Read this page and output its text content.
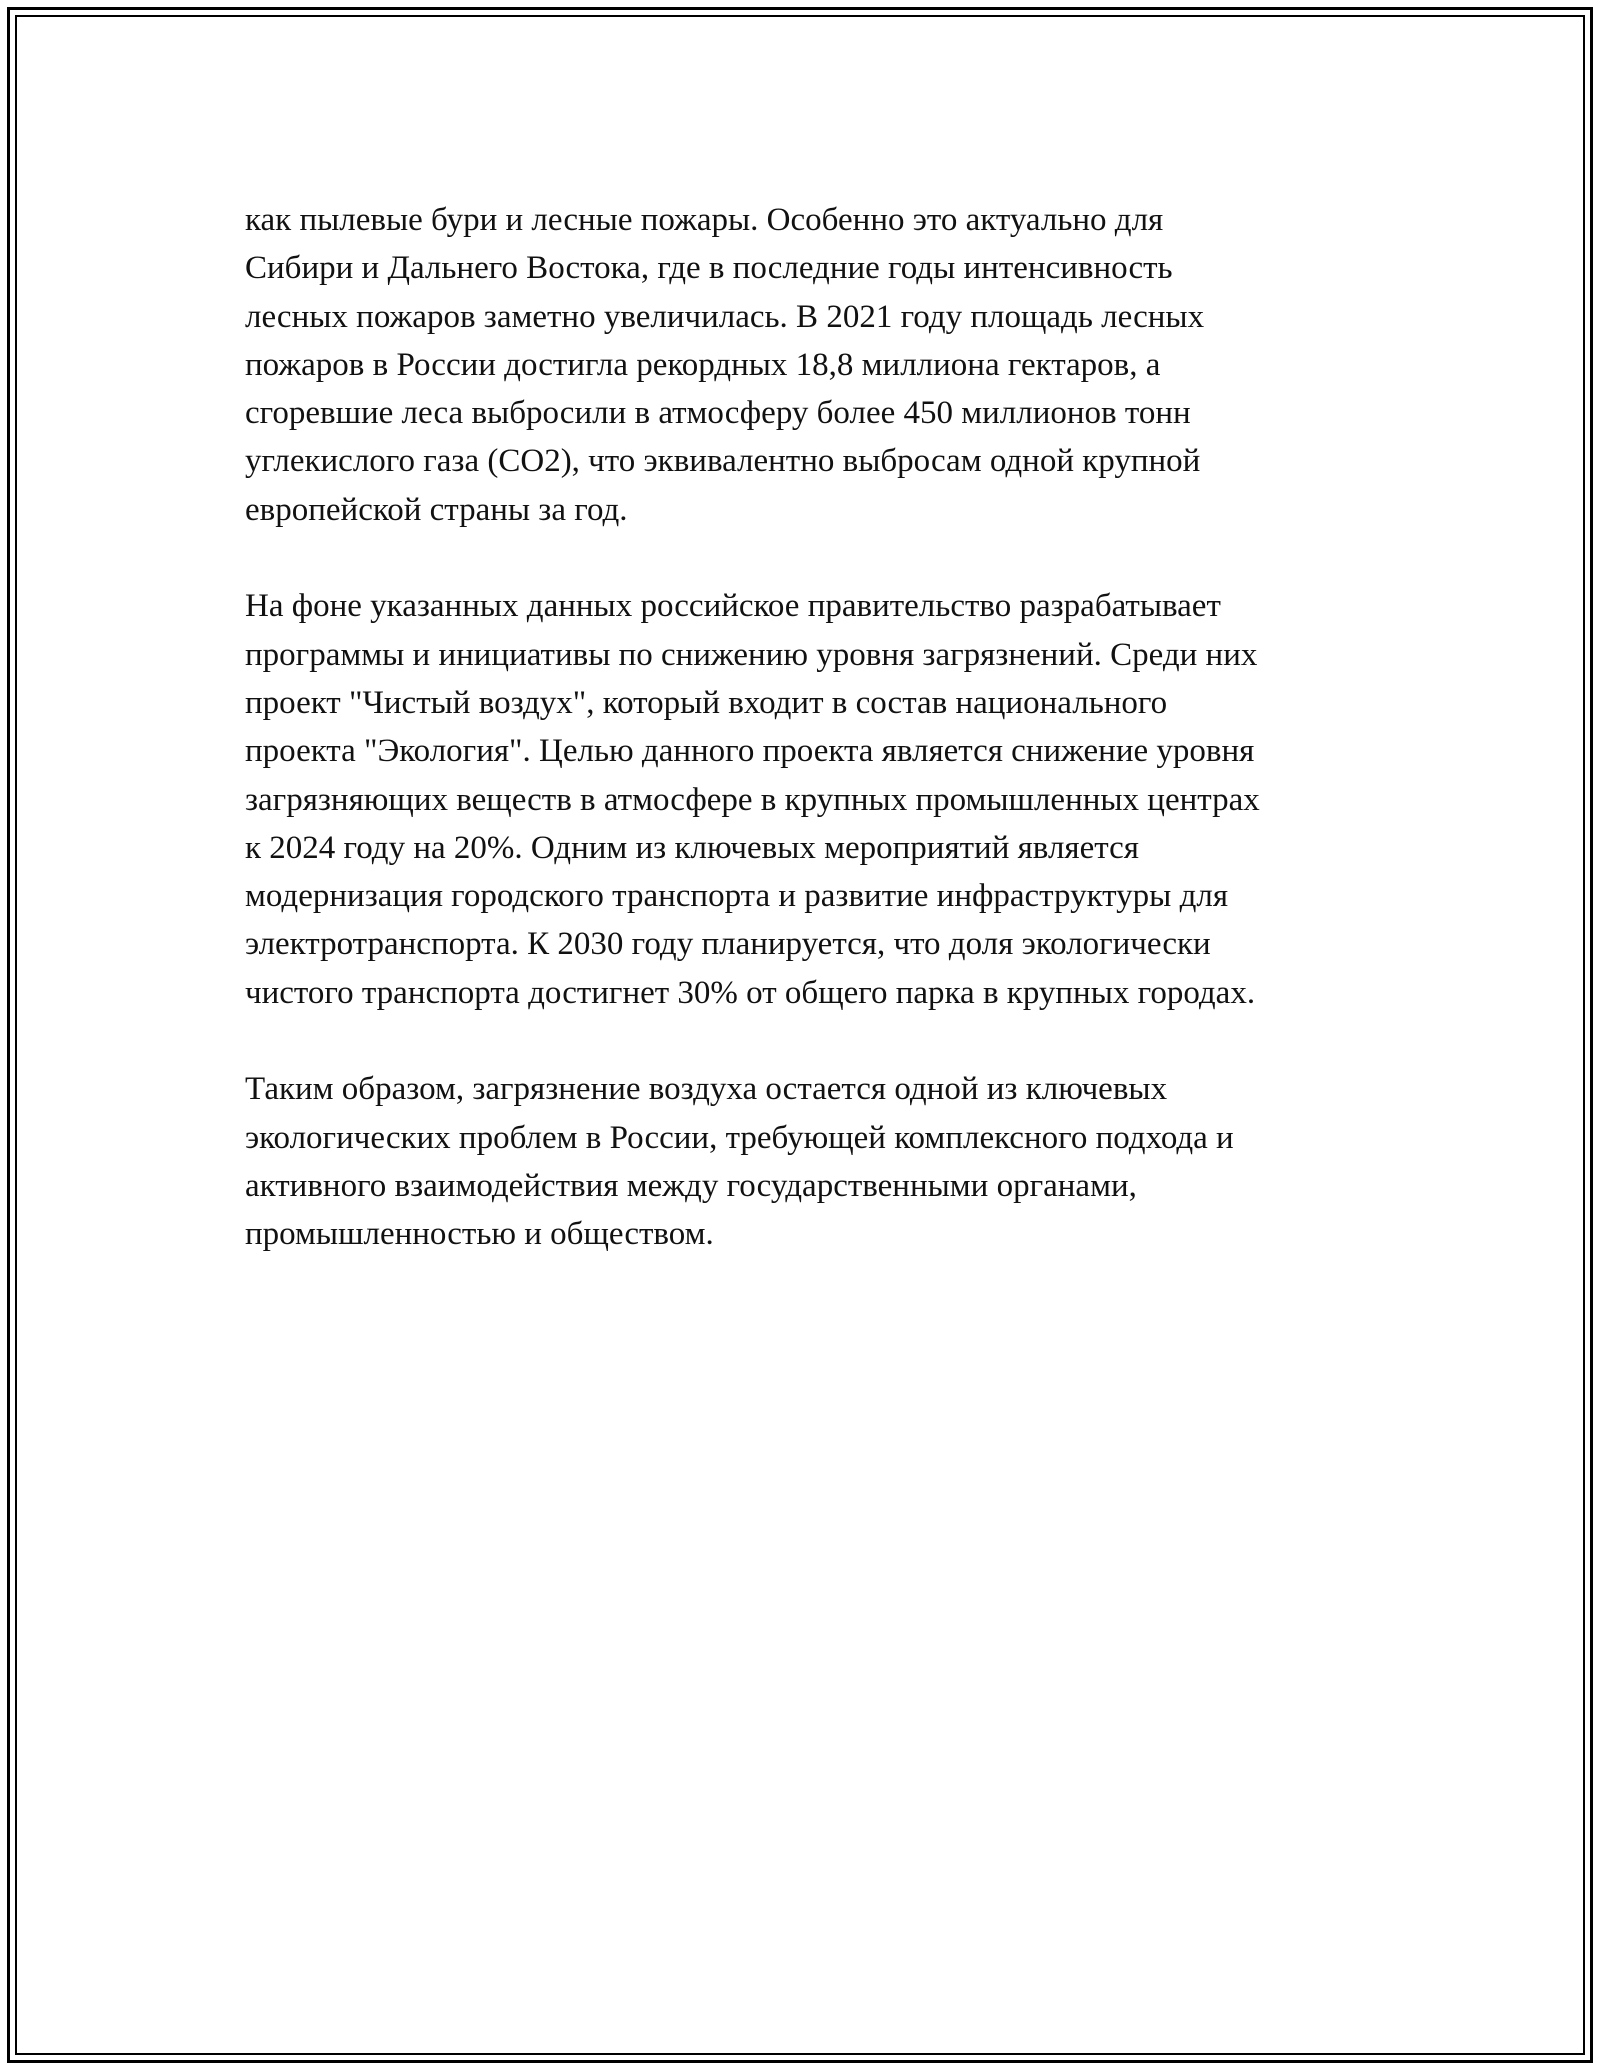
как пылевые бури и лесные пожары. Особенно это актуально для
Сибири и Дальнего Востока, где в последние годы интенсивность
лесных пожаров заметно увеличилась. В 2021 году площадь лесных
пожаров в России достигла рекордных 18,8 миллиона гектаров, а
сгоревшие леса выбросили в атмосферу более 450 миллионов тонн
углекислого газа (CO2), что эквивалентно выбросам одной крупной
европейской страны за год.

На фоне указанных данных российское правительство разрабатывает
программы и инициативы по снижению уровня загрязнений. Среди них
проект "Чистый воздух", который входит в состав национального
проекта "Экология". Целью данного проекта является снижение уровня
загрязняющих веществ в атмосфере в крупных промышленных центрах
к 2024 году на 20%. Одним из ключевых мероприятий является
модернизация городского транспорта и развитие инфраструктуры для
электротранспорта. К 2030 году планируется, что доля экологически
чистого транспорта достигнет 30% от общего парка в крупных городах.

Таким образом, загрязнение воздуха остается одной из ключевых
экологических проблем в России, требующей комплексного подхода и
активного взаимодействия между государственными органами,
промышленностью и обществом.
